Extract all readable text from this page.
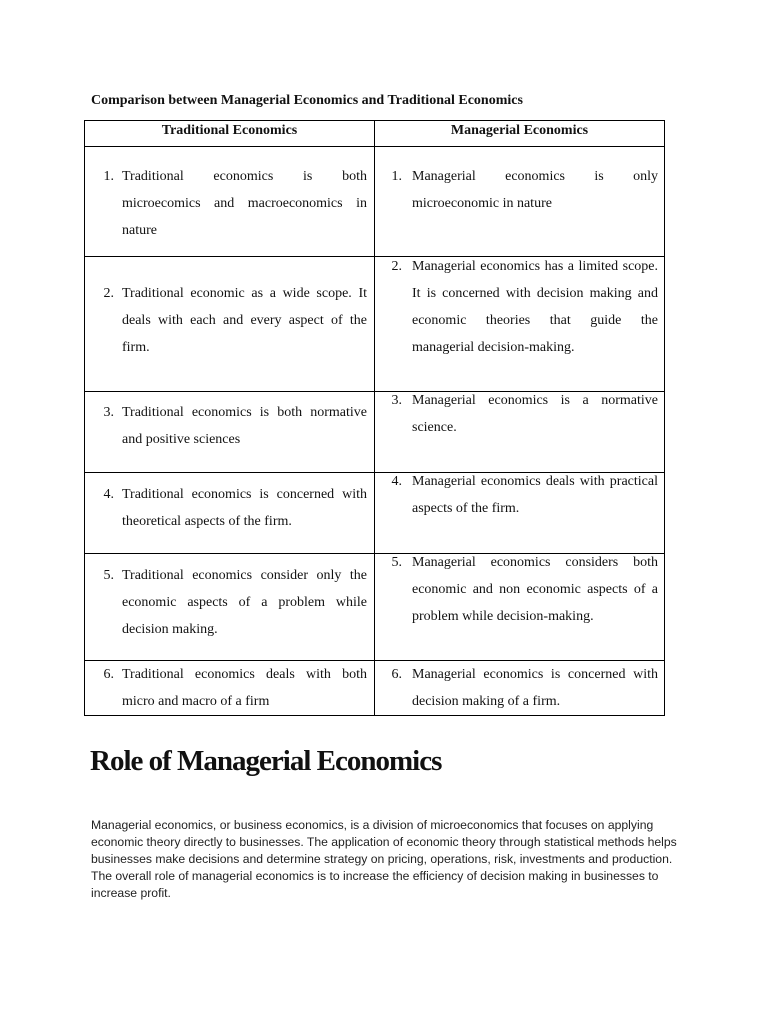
Comparison between Managerial Economics and Traditional Economics
Traditional Economics	Managerial Economics

1. Traditional economics is both microecomics and macroeconomics in nature	1. Managerial economics is only microeconomic in nature

2. Traditional economic as a wide scope. It deals with each and every aspect of the firm.	2. Managerial economics has a limited scope. It is concerned with decision making and economic theories that guide the managerial decision-making.

3. Traditional economics is both normative and positive sciences	3. Managerial economics is a normative science.

4. Traditional economics is concerned with theoretical aspects of the firm.	4. Managerial economics deals with practical aspects of the firm.

5. Traditional economics consider only the economic aspects of a problem while decision making.	5. Managerial economics considers both economic and non economic aspects of a problem while decision-making.

6. Traditional economics deals with both micro and macro of a firm	6. Managerial economics is concerned with decision making of a firm.
Role of Managerial Economics

Managerial economics, or business economics, is a division of microeconomics that focuses on applying economic theory directly to businesses. The application of economic theory through statistical methods helps businesses make decisions and determine strategy on pricing, operations, risk, investments and production. The overall role of managerial economics is to increase the efficiency of decision making in businesses to increase profit.
